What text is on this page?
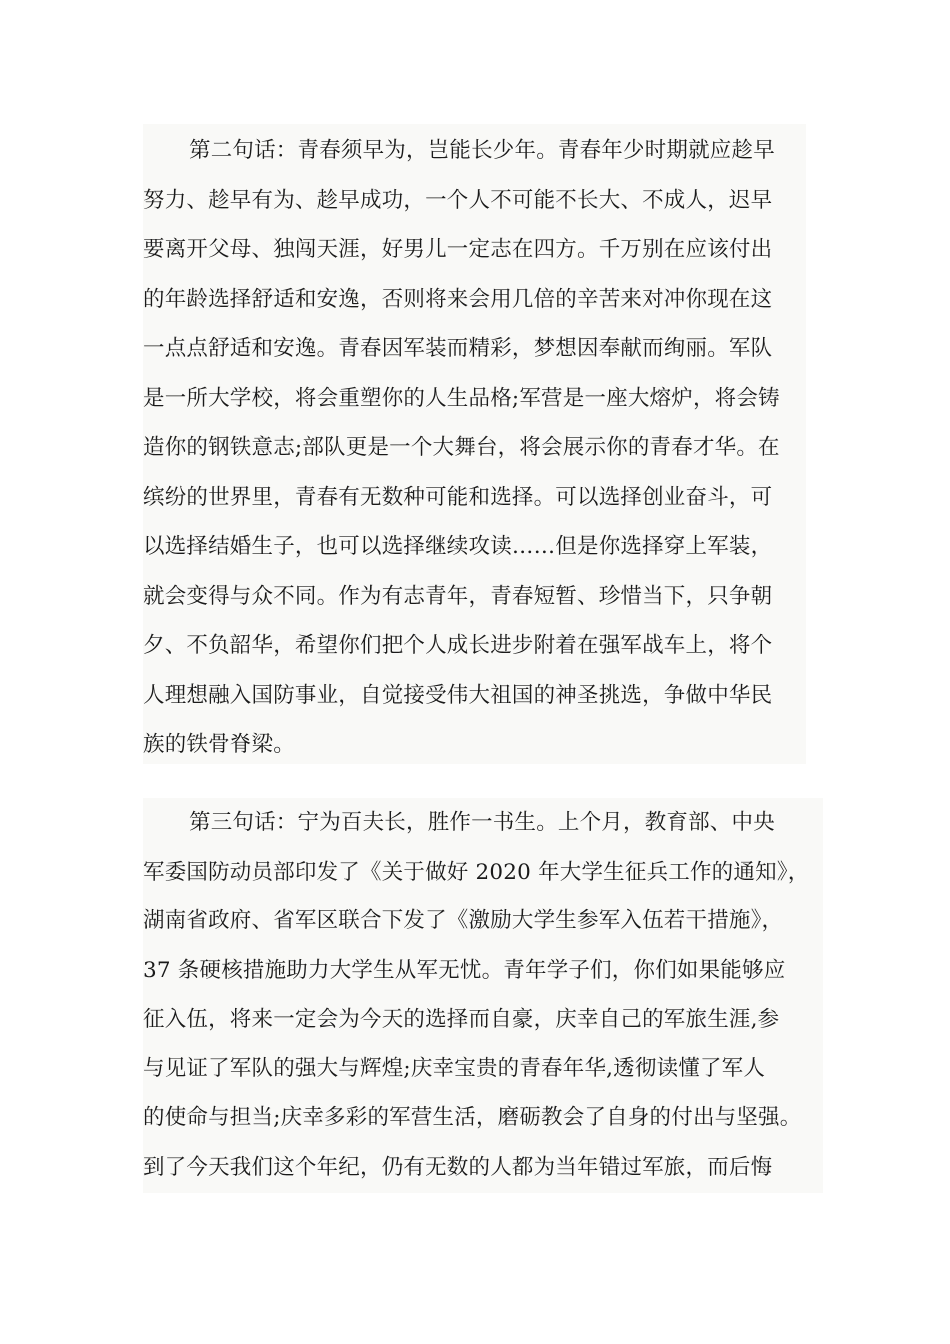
第二句话：青春须早为，岂能长少年。青春年少时期就应趁早
努力、趁早有为、趁早成功，一个人不可能不长大、不成人，迟早
要离开父母、独闯天涯，好男儿一定志在四方。千万别在应该付出
的年龄选择舒适和安逸，否则将来会用几倍的辛苦来对冲你现在这
一点点舒适和安逸。青春因军装而精彩，梦想因奉献而绚丽。军队
是一所大学校，将会重塑你的人生品格;军营是一座大熔炉，将会铸
造你的钢铁意志;部队更是一个大舞台，将会展示你的青春才华。在
缤纷的世界里，青春有无数种可能和选择。可以选择创业奋斗，可
以选择结婚生子，也可以选择继续攻读……但是你选择穿上军装，
就会变得与众不同。作为有志青年，青春短暂、珍惜当下，只争朝
夕、不负韶华，希望你们把个人成长进步附着在强军战车上，将个
人理想融入国防事业，自觉接受伟大祖国的神圣挑选，争做中华民
族的铁骨脊梁。
第三句话：宁为百夫长，胜作一书生。上个月，教育部、中央
军委国防动员部印发了《关于做好 2020 年大学生征兵工作的通知》，
湖南省政府、省军区联合下发了《激励大学生参军入伍若干措施》，
37 条硬核措施助力大学生从军无忧。青年学子们，你们如果能够应
征入伍，将来一定会为今天的选择而自豪，庆幸自己的军旅生涯,参
与见证了军队的强大与辉煌;庆幸宝贵的青春年华,透彻读懂了军人
的使命与担当;庆幸多彩的军营生活，磨砺教会了自身的付出与坚强。
到了今天我们这个年纪，仍有无数的人都为当年错过军旅，而后悔
